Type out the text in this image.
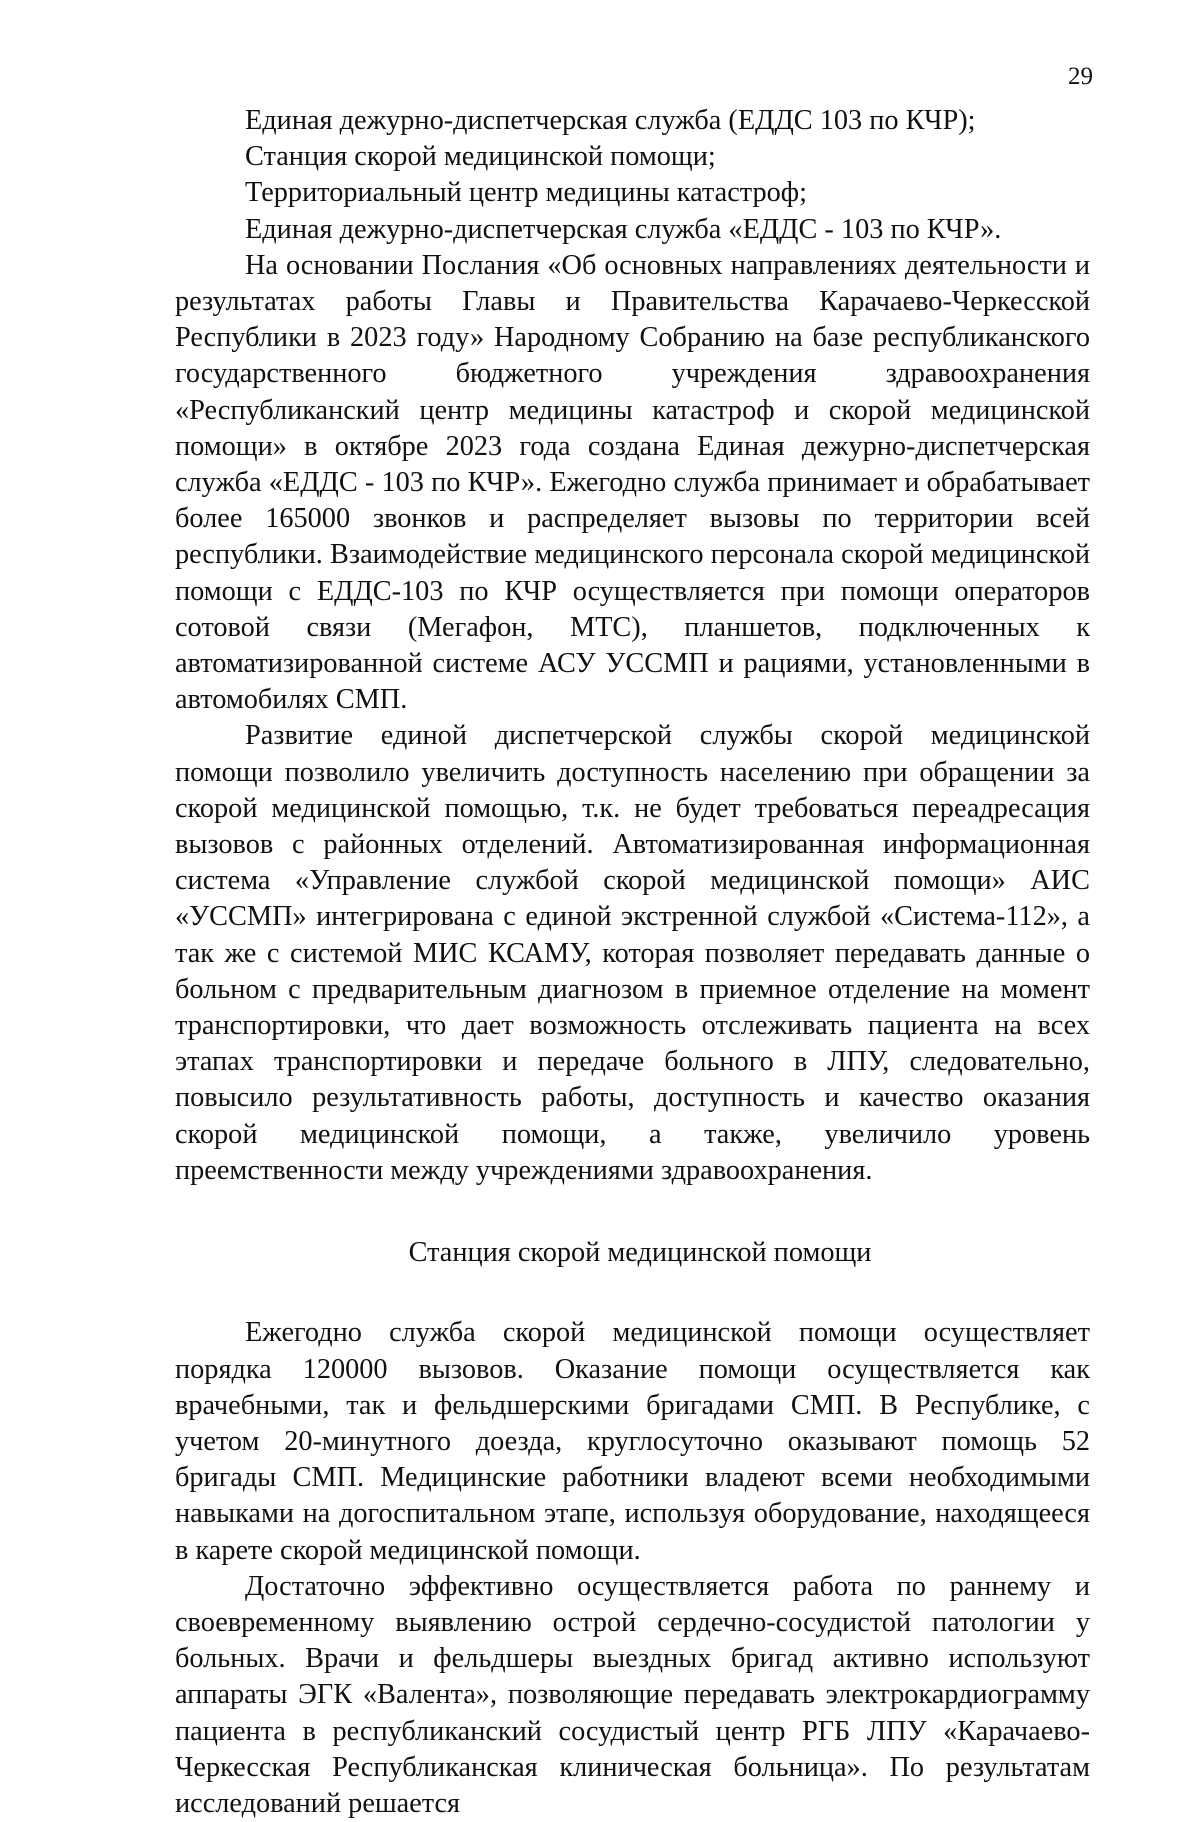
29

Единая дежурно-диспетчерская служба (ЕДДС 103 по КЧР);

Станция скорой медицинской помощи;

Территориальный центр медицины катастроф;

Единая дежурно-диспетчерская служба «ЕДДС - 103 по КЧР».

На основании Послания «Об основных направлениях деятельности и результатах работы Главы и Правительства Карачаево-Черкесской Республики в 2023 году» Народному Собранию на базе республиканского государственного бюджетного учреждения здравоохранения «Республиканский центр медицины катастроф и скорой медицинской помощи» в октябре 2023 года создана Единая дежурно-диспетчерская служба «ЕДДС - 103 по КЧР». Ежегодно служба принимает и обрабатывает более 165000 звонков и распределяет вызовы по территории всей республики. Взаимодействие медицинского персонала скорой медицинской помощи с ЕДДС-103 по КЧР осуществляется при помощи операторов сотовой связи (Мегафон, МТС), планшетов, подключенных к автоматизированной системе АСУ УССМП и рациями, установленными в автомобилях СМП.

Развитие единой диспетчерской службы скорой медицинской помощи позволило увеличить доступность населению при обращении за скорой медицинской помощью, т.к. не будет требоваться переадресация вызовов с районных отделений. Автоматизированная информационная система «Управление службой скорой медицинской помощи» АИС «УССМП» интегрирована с единой экстренной службой «Система-112», а так же с системой МИС КСАМУ, которая позволяет передавать данные о больном с предварительным диагнозом в приемное отделение на момент транспортировки, что дает возможность отслеживать пациента на всех этапах транспортировки и передаче больного в ЛПУ, следовательно, повысило результативность работы, доступность и качество оказания скорой медицинской помощи, а также, увеличило уровень преемственности между учреждениями здравоохранения.

Станция скорой медицинской помощи

Ежегодно служба скорой медицинской помощи осуществляет порядка 120000 вызовов. Оказание помощи осуществляется как врачебными, так и фельдшерскими бригадами СМП. В Республике, с учетом 20-минутного доезда, круглосуточно оказывают помощь 52 бригады СМП. Медицинские работники владеют всеми необходимыми навыками на догоспитальном этапе, используя оборудование, находящееся в карете скорой медицинской помощи.

Достаточно эффективно осуществляется работа по раннему и своевременному выявлению острой сердечно-сосудистой патологии у больных. Врачи и фельдшеры выездных бригад активно используют аппараты ЭГК «Валента», позволяющие передавать электрокардиограмму пациента в республиканский сосудистый центр РГБ ЛПУ «Карачаево-Черкесская Республиканская клиническая больница». По результатам исследований решается
